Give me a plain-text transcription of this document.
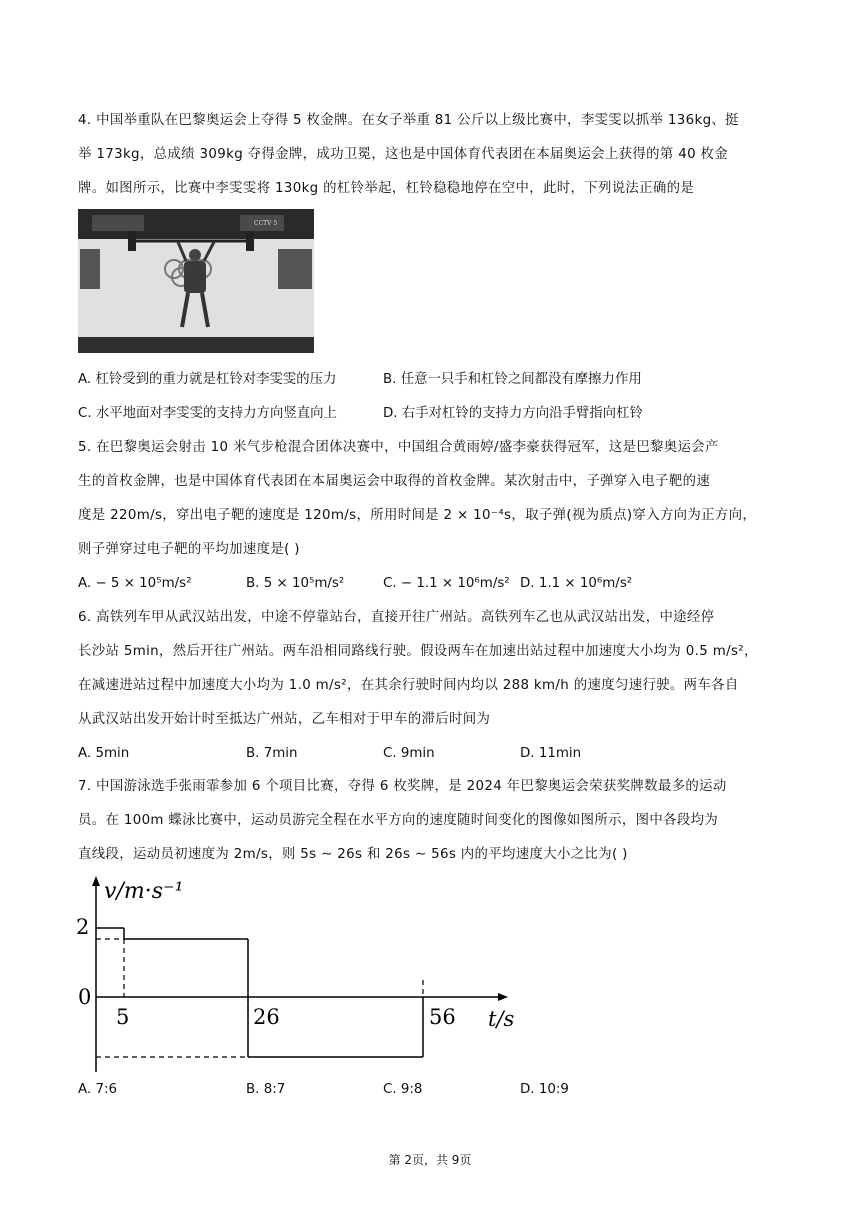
4. 中国举重队在巴黎奥运会上夺得 5 枚金牌。在女子举重 81 公斤以上级比赛中，李雯雯以抓举 136kg、挺
举 173kg，总成绩 309kg 夺得金牌，成功卫冕，这也是中国体育代表团在本届奥运会上获得的第 40 枚金
牌。如图所示，比赛中李雯雯将 130kg 的杠铃举起，杠铃稳稳地停在空中，此时，下列说法正确的是
CCTV 5
A. 杠铃受到的重力就是杠铃对李雯雯的压力	B. 任意一只手和杠铃之间都没有摩擦力作用
C. 水平地面对李雯雯的支持力方向竖直向上	D. 右手对杠铃的支持力方向沿手臂指向杠铃
5. 在巴黎奥运会射击 10 米气步枪混合团体决赛中，中国组合黄雨婷/盛李豪获得冠军，这是巴黎奥运会产
生的首枚金牌，也是中国体育代表团在本届奥运会中取得的首枚金牌。某次射击中，子弹穿入电子靶的速
度是 220m/s，穿出电子靶的速度是 120m/s，所用时间是 2 × 10⁻⁴s，取子弹(视为质点)穿入方向为正方向，
则子弹穿过电子靶的平均加速度是( )
A. − 5 × 10⁵m/s²	B. 5 × 10⁵m/s²	C. − 1.1 × 10⁶m/s² D. 1.1 × 10⁶m/s²
6. 高铁列车甲从武汉站出发，中途不停靠站台，直接开往广州站。高铁列车乙也从武汉站出发，中途经停
长沙站 5min，然后开往广州站。两车沿相同路线行驶。假设两车在加速出站过程中加速度大小均为 0.5 m/s²，
在减速进站过程中加速度大小均为 1.0 m/s²，在其余行驶时间内均以 288 km/h 的速度匀速行驶。两车各自
从武汉站出发开始计时至抵达广州站，乙车相对于甲车的滞后时间为
A. 5min	B. 7min	C. 9min	D. 11min
7. 中国游泳选手张雨霏参加 6 个项目比赛，夺得 6 枚奖牌，是 2024 年巴黎奥运会荣获奖牌数最多的运动
员。在 100m 蝶泳比赛中，运动员游完全程在水平方向的速度随时间变化的图像如图所示，图中各段均为
直线段，运动员初速度为 2m/s，则 5s ∼ 26s 和 26s ∼ 56s 内的平均速度大小之比为( )
v/m·s⁻¹
2
0
5	26	56 t/s
A. 7:6	B. 8:7	C. 9:8	D. 10:9
第 2页，共 9页
